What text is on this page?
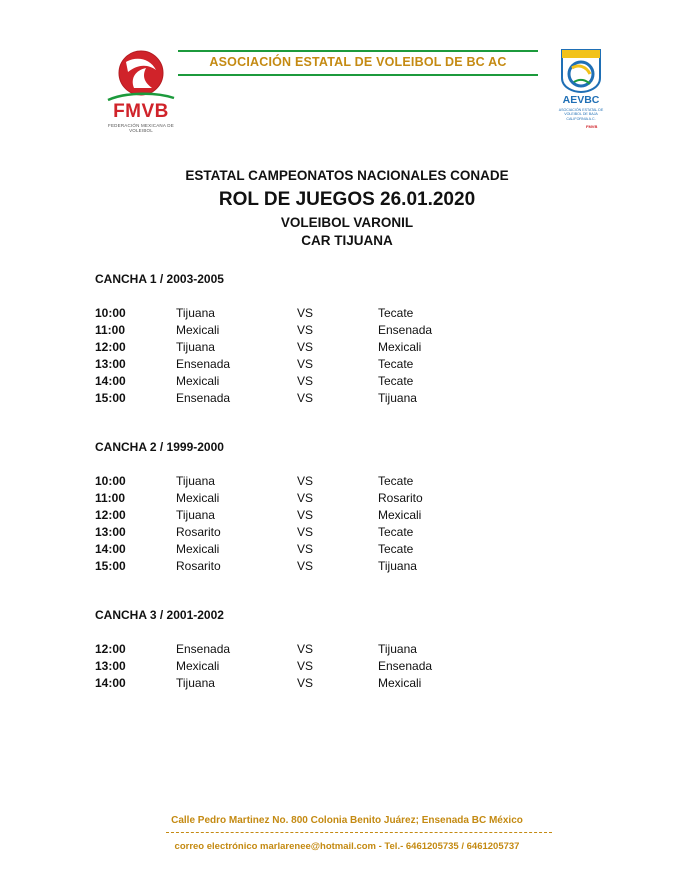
FMVB
FEDERACIÓN MEXICANA DE VOLEIBOL
ASOCIACIÓN ESTATAL DE VOLEIBOL DE BC AC
AEVBC
ASOCIACIÓN ESTATAL DE VOLEIBOL DE BAJA CALIFORNIA A.C.
FMVB
ESTATAL CAMPEONATOS NACIONALES CONADE
ROL DE JUEGOS 26.01.2020
VOLEIBOL VARONIL
CAR TIJUANA
CANCHA 1 / 2003-2005
10:00	Tijuana	VS	Tecate
11:00	Mexicali	VS	Ensenada
12:00	Tijuana	VS	Mexicali
13:00	Ensenada	VS	Tecate
14:00	Mexicali	VS	Tecate
15:00	Ensenada	VS	Tijuana
CANCHA 2 / 1999-2000
10:00	Tijuana	VS	Tecate
11:00	Mexicali	VS	Rosarito
12:00	Tijuana	VS	Mexicali
13:00	Rosarito	VS	Tecate
14:00	Mexicali	VS	Tecate
15:00	Rosarito	VS	Tijuana
CANCHA 3 / 2001-2002
12:00	Ensenada	VS	Tijuana
13:00	Mexicali	VS	Ensenada
14:00	Tijuana	VS	Mexicali
Calle Pedro Martinez No. 800 Colonia Benito Juárez; Ensenada BC México
correo electrónico marlarenee@hotmail.com - Tel.- 6461205735 / 6461205737
